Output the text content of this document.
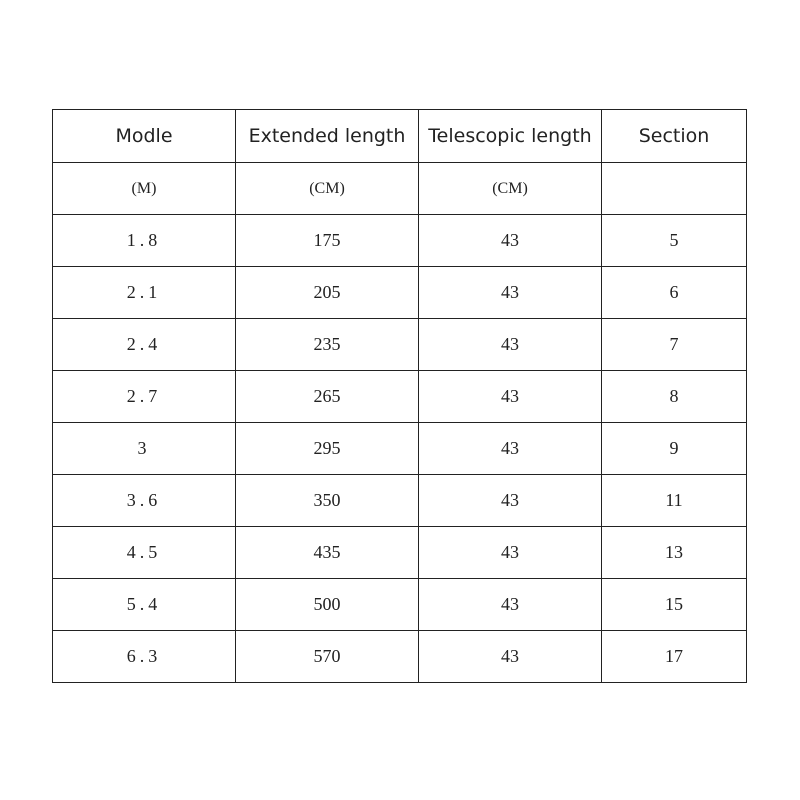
Modle	Extended length	Telescopic length	Section
(M)	(CM)	(CM)	
1.8	175	43	5
2.1	205	43	6
2.4	235	43	7
2.7	265	43	8
3	295	43	9
3.6	350	43	11
4.5	435	43	13
5.4	500	43	15
6.3	570	43	17
